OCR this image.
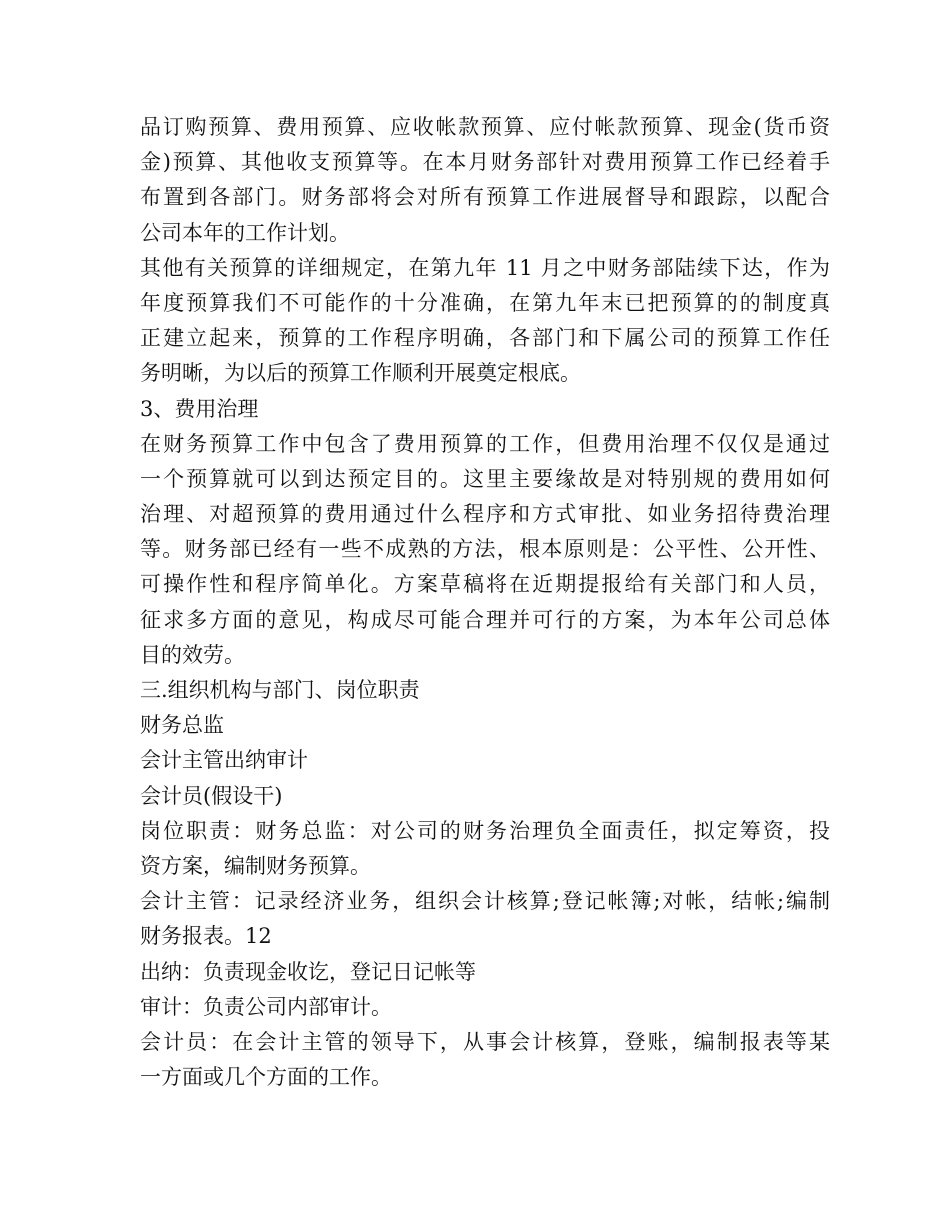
品订购预算、费用预算、应收帐款预算、应付帐款预算、现金(货币资
金)预算、其他收支预算等。在本月财务部针对费用预算工作已经着手
布置到各部门。财务部将会对所有预算工作进展督导和跟踪，以配合
公司本年的工作计划。
其他有关预算的详细规定，在第九年 11 月之中财务部陆续下达，作为
年度预算我们不可能作的十分准确，在第九年末已把预算的的制度真
正建立起来，预算的工作程序明确，各部门和下属公司的预算工作任
务明晰，为以后的预算工作顺利开展奠定根底。
3、费用治理
在财务预算工作中包含了费用预算的工作，但费用治理不仅仅是通过
一个预算就可以到达预定目的。这里主要缘故是对特别规的费用如何
治理、对超预算的费用通过什么程序和方式审批、如业务招待费治理
等。财务部已经有一些不成熟的方法，根本原则是：公平性、公开性、
可操作性和程序简单化。方案草稿将在近期提报给有关部门和人员，
征求多方面的意见，构成尽可能合理并可行的方案，为本年公司总体
目的效劳。
三.组织机构与部门、岗位职责
财务总监
会计主管出纳审计
会计员(假设干)
岗位职责：财务总监：对公司的财务治理负全面责任，拟定筹资，投
资方案，编制财务预算。
会计主管：记录经济业务，组织会计核算;登记帐簿;对帐，结帐;编制
财务报表。12
出纳：负责现金收讫，登记日记帐等
审计：负责公司内部审计。
会计员：在会计主管的领导下，从事会计核算，登账，编制报表等某
一方面或几个方面的工作。
